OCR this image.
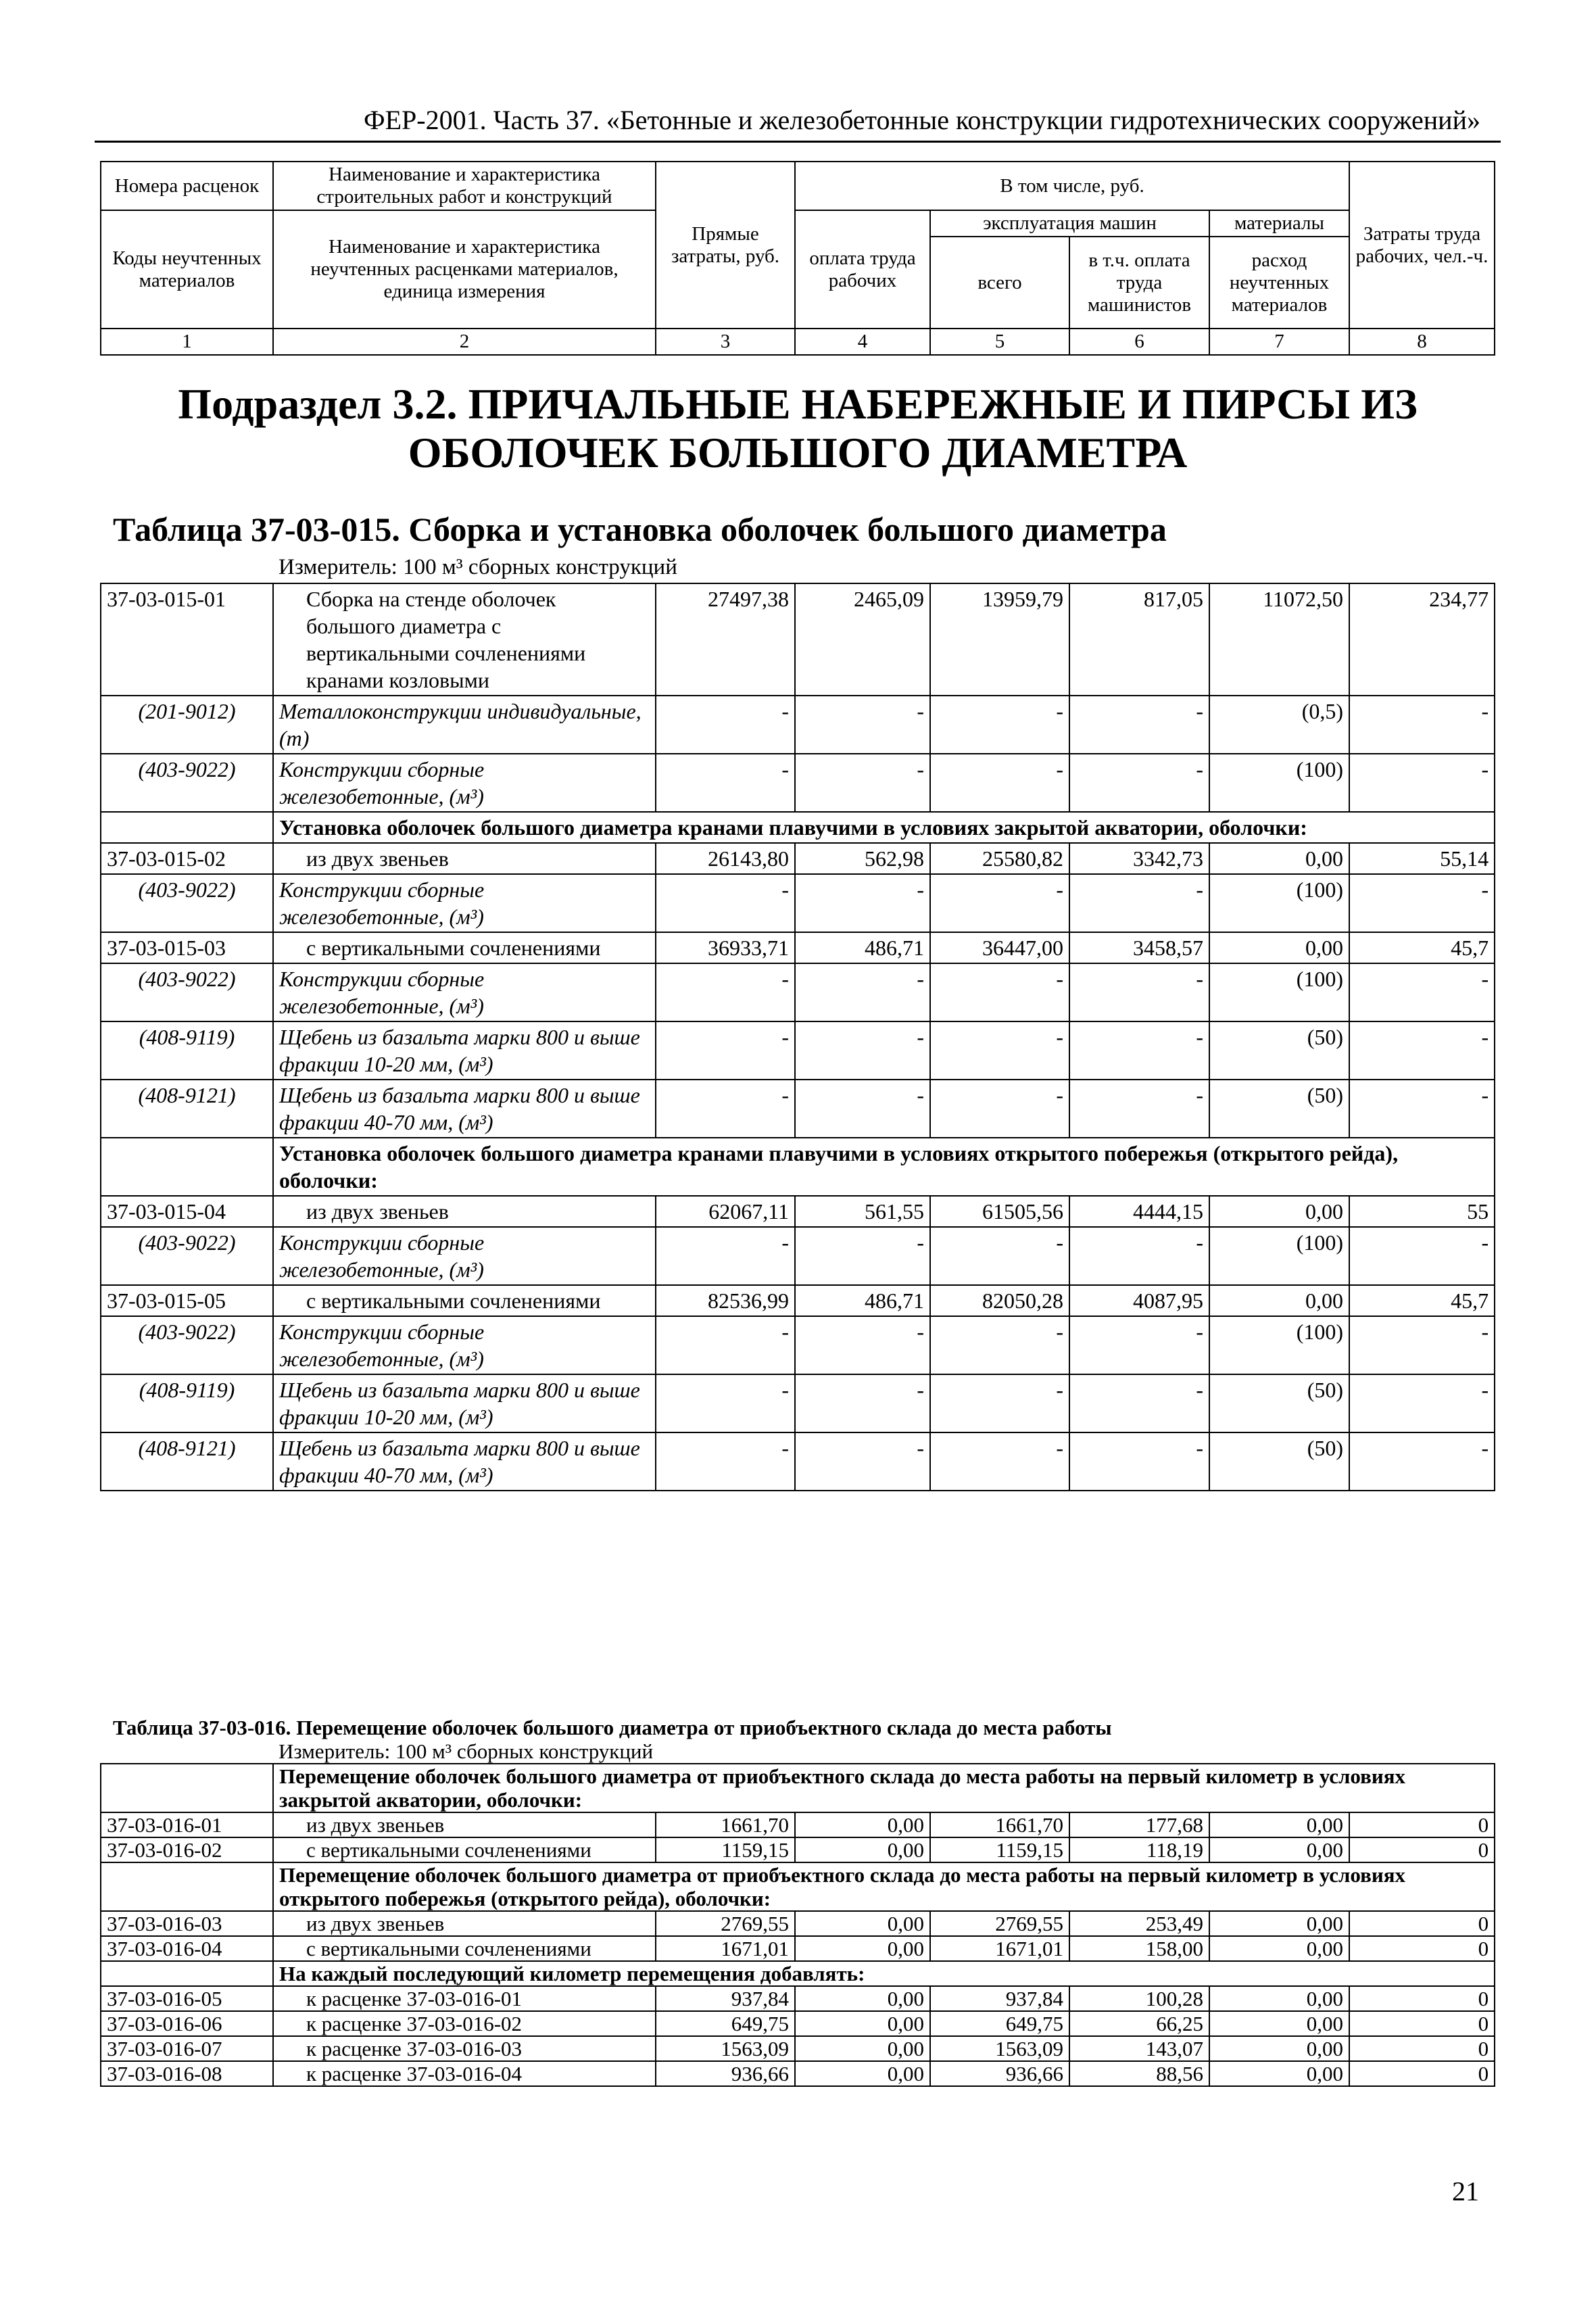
ФЕР-2001. Часть 37. «Бетонные и железобетонные конструкции гидротехнических сооружений»
Номера расценок	Наименование и характеристика строительных работ и конструкций	Прямые затраты, руб.	В том числе, руб.				Затраты труда рабочих, чел.-ч.
Коды неучтенных материалов	Наименование и характеристика неучтенных расценками материалов, единица измерения		оплата труда рабочих	эксплуатация машин		материалы	
				всего	в т.ч. оплата труда машинистов	расход неучтенных материалов	
1	2	3	4	5	6	7	8
Подраздел 3.2. ПРИЧАЛЬНЫЕ НАБЕРЕЖНЫЕ И ПИРСЫ ИЗ ОБОЛОЧЕК БОЛЬШОГО ДИАМЕТРА							
Таблица 37-03-015. Сборка и установка оболочек большого диаметра							
	Измеритель: 100 м³ сборных конструкций						
37-03-015-01	Сборка на стенде оболочек большого диаметра с вертикальными сочленениями кранами козловыми	27497,38	2465,09	13959,79	817,05	11072,50	234,77
(201-9012)	Металлоконструкции индивидуальные, (т)	-	-	-	-	(0,5)	-
(403-9022)	Конструкции сборные железобетонные, (м³)	-	-	-	-	(100)	-
	Установка оболочек большого диаметра кранами плавучими в условиях закрытой акватории, оболочки:						
37-03-015-02	из двух звеньев	26143,80	562,98	25580,82	3342,73	0,00	55,14
(403-9022)	Конструкции сборные железобетонные, (м³)	-	-	-	-	(100)	-
37-03-015-03	с вертикальными сочленениями	36933,71	486,71	36447,00	3458,57	0,00	45,7
(403-9022)	Конструкции сборные железобетонные, (м³)	-	-	-	-	(100)	-
(408-9119)	Щебень из базальта марки 800 и выше фракции 10-20 мм, (м³)	-	-	-	-	(50)	-
(408-9121)	Щебень из базальта марки 800 и выше фракции 40-70 мм, (м³)	-	-	-	-	(50)	-
	Установка оболочек большого диаметра кранами плавучими в условиях открытого побережья (открытого рейда), оболочки:						
37-03-015-04	из двух звеньев	62067,11	561,55	61505,56	4444,15	0,00	55
(403-9022)	Конструкции сборные железобетонные, (м³)	-	-	-	-	(100)	-
37-03-015-05	с вертикальными сочленениями	82536,99	486,71	82050,28	4087,95	0,00	45,7
(403-9022)	Конструкции сборные железобетонные, (м³)	-	-	-	-	(100)	-
(408-9119)	Щебень из базальта марки 800 и выше фракции 10-20 мм, (м³)	-	-	-	-	(50)	-
(408-9121)	Щебень из базальта марки 800 и выше фракции 40-70 мм, (м³)	-	-	-	-	(50)	-
Таблица 37-03-016. Перемещение оболочек большого диаметра от приобъектного склада до места работы							
	Измеритель: 100 м³ сборных конструкций						
	Перемещение оболочек большого диаметра от приобъектного склада до места работы на первый километр в условиях закрытой акватории, оболочки:						
37-03-016-01	из двух звеньев	1661,70	0,00	1661,70	177,68	0,00	0
37-03-016-02	с вертикальными сочленениями	1159,15	0,00	1159,15	118,19	0,00	0
	Перемещение оболочек большого диаметра от приобъектного склада до места работы на первый километр в условиях открытого побережья (открытого рейда), оболочки:						
37-03-016-03	из двух звеньев	2769,55	0,00	2769,55	253,49	0,00	0
37-03-016-04	с вертикальными сочленениями	1671,01	0,00	1671,01	158,00	0,00	0
	На каждый последующий километр перемещения добавлять:						
37-03-016-05	к расценке 37-03-016-01	937,84	0,00	937,84	100,28	0,00	0
37-03-016-06	к расценке 37-03-016-02	649,75	0,00	649,75	66,25	0,00	0
37-03-016-07	к расценке 37-03-016-03	1563,09	0,00	1563,09	143,07	0,00	0
37-03-016-08	к расценке 37-03-016-04	936,66	0,00	936,66	88,56	0,00	0
21
